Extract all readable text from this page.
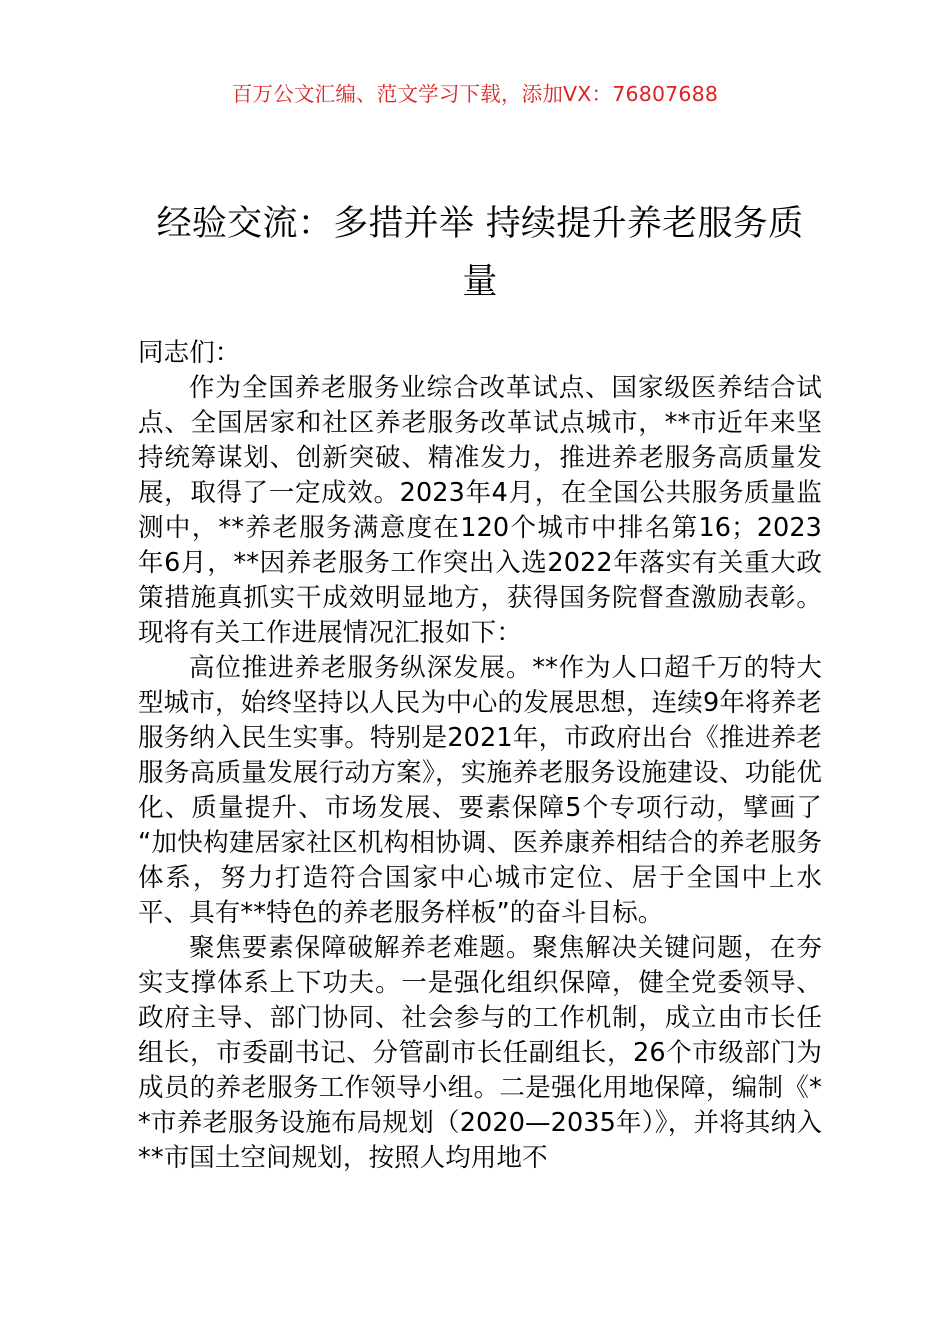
百万公文汇编、范文学习下载，添加VX：76807688
经验交流：多措并举 持续提升养老服务质量

同志们：

作为全国养老服务业综合改革试点、国家级医养结合试点、全国居家和社区养老服务改革试点城市，**市近年来坚持统筹谋划、创新突破、精准发力，推进养老服务高质量发展，取得了一定成效。2023年4月，在全国公共服务质量监测中，**养老服务满意度在120个城市中排名第16；2023年6月，**因养老服务工作突出入选2022年落实有关重大政策措施真抓实干成效明显地方，获得国务院督查激励表彰。现将有关工作进展情况汇报如下：

高位推进养老服务纵深发展。**作为人口超千万的特大型城市，始终坚持以人民为中心的发展思想，连续9年将养老服务纳入民生实事。特别是2021年，市政府出台《推进养老服务高质量发展行动方案》，实施养老服务设施建设、功能优化、质量提升、市场发展、要素保障5个专项行动，擘画了“加快构建居家社区机构相协调、医养康养相结合的养老服务体系，努力打造符合国家中心城市定位、居于全国中上水平、具有**特色的养老服务样板”的奋斗目标。

聚焦要素保障破解养老难题。聚焦解决关键问题，在夯实支撑体系上下功夫。一是强化组织保障，健全党委领导、政府主导、部门协同、社会参与的工作机制，成立由市长任组长，市委副书记、分管副市长任副组长，26个市级部门为成员的养老服务工作领导小组。二是强化用地保障，编制《**市养老服务设施布局规划（2020—2035年）》，并将其纳入**市国土空间规划，按照人均用地不
